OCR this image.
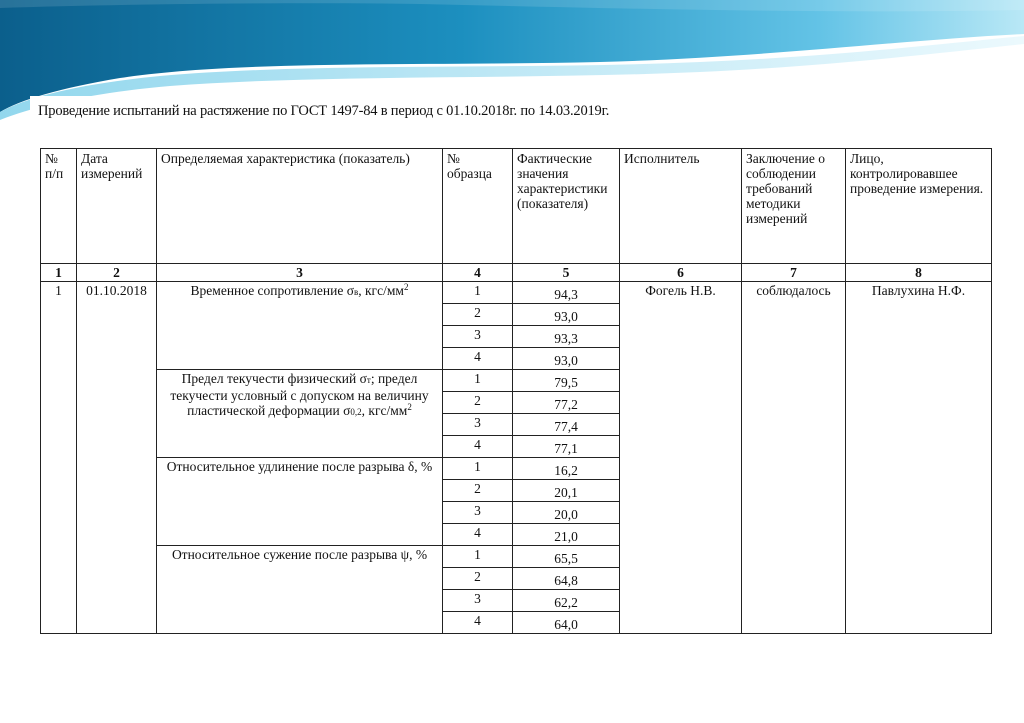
Проведение испытаний на растяжение по ГОСТ 1497-84 в период с 01.10.2018г. по 14.03.2019г.
№ п/п	Дата измерений	Определяемая характеристика (показатель)	№ образца	Фактические значения характеристики (показателя)	Исполнитель	Заключение о соблюдении требований методики измерений	Лицо, контролировавшее проведение измерения.
1	2	3	4	5	6	7	8
1	01.10.2018	Временное сопротивление σв, кгс/$мм^2$	1	94,3	Фогель Н.В.	соблюдалось	Павлухина Н.Ф.
			2	93,0			
			3	93,3			
			4	93,0			
		Предел текучести физический σт; предел текучести условный с допуском на величину пластической деформации σ0,2, кгс/$мм^2$	1	79,5			
			2	77,2			
			3	77,4			
			4	77,1			
		Относительное удлинение после разрыва δ, %	1	16,2			
			2	20,1			
			3	20,0			
			4	21,0			
		Относительное сужение после разрыва ψ, %	1	65,5			
			2	64,8			
			3	62,2			
			4	64,0			
